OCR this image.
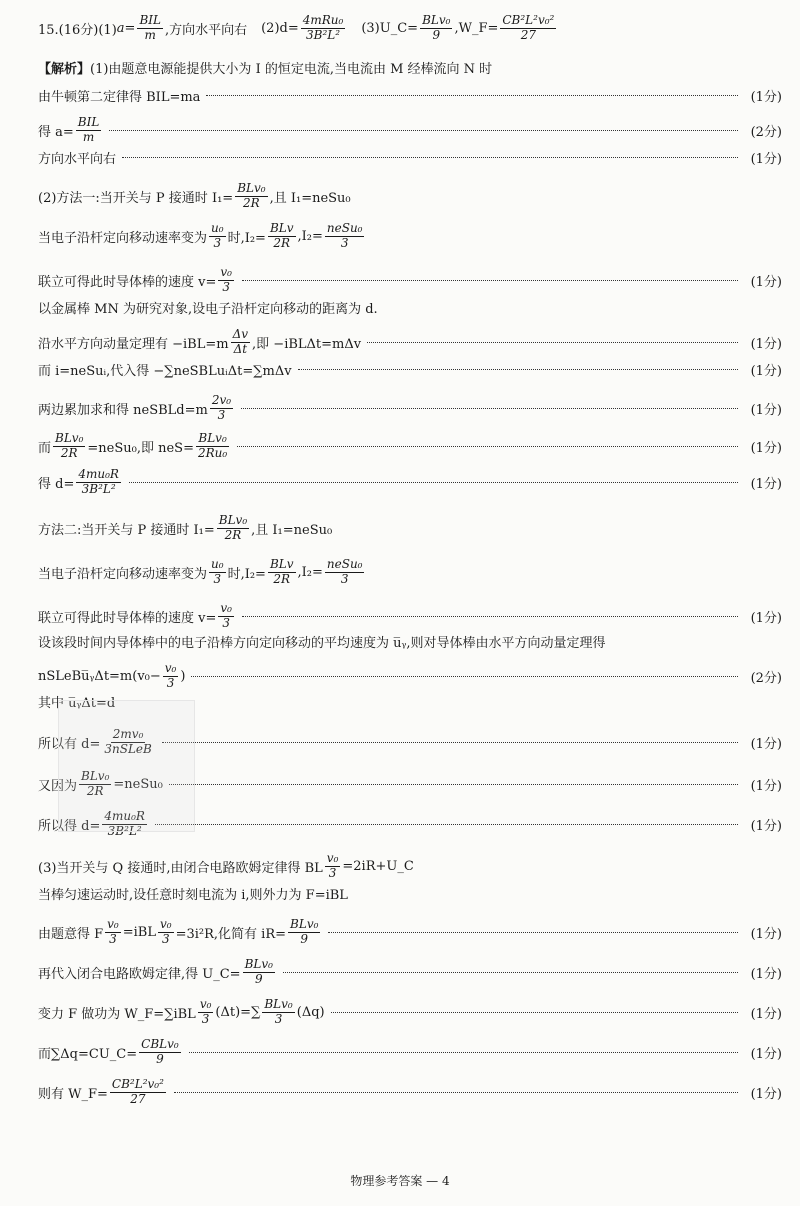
15.(16分)(1) $a= \frac{\text{BIL}}{m}$ ,方向水平向右 $(2)d= \frac{\text{4mRu₀}}{\text{3B²L²}}$ (3)U_C= $\frac{\text{BLv₀}}{9}$ ,W_F= $\frac{\text{CB²L²v₀²}}{27}$
【解析】 (1)由题意电源能提供大小为 I 的恒定电流,当电流由 M 经棒流向 N 时
由牛顿第二定律得 BIL=ma	(1分)
得 $a= \frac{\text{BIL}}{m}$	(2分)
方向水平向右	(1分)
(2)方法一:当开关与 P 接通时 $I_1= \frac{\text{BLv₀}}{2R}$ ,且 I₁=neSu₀
当电子沿杆定向移动速率变为 $\frac{\text{u₀}}{3}$ 时$,I_2= \frac{\text{BLv}}{2R} ,I_2= \frac{\text{neSu₀}}{3}$
联立可得此时导体棒的速度 $v= \frac{\text{v₀}}{3}$	(1分)
以金属棒 MN 为研究对象,设电子沿杆定向移动的距离为 d.
沿水平方向动量定理有 $-iBL=m \frac{\Delta v}{\Delta t}$ ,即 −iBLΔt=mΔv	(1分)
而 i=neSuᵢ,代入得 −∑neSBLuᵢΔt=∑mΔv	(1分)
两边累加求和得 neSBLd=m $\frac{\text{2v₀}}{3}$	(1分)
而 $\frac{\text{BLv₀}}{2R}$ =neSu₀,即 $neS= \frac{\text{BLv₀}}{\text{2Ru₀}}$	(1分)
得 $d= \frac{\text{4mu₀R}}{\text{3B²L²}}$	(1分)
方法二:当开关与 P 接通时 $I_1= \frac{\text{BLv₀}}{2R}$ ,且 I₁=neSu₀
当电子沿杆定向移动速率变为 $\frac{\text{u₀}}{3}$ 时$,I_2= \frac{\text{BLv}}{2R} ,I_2= \frac{\text{neSu₀}}{3}$
联立可得此时导体棒的速度 $v= \frac{\text{v₀}}{3}$	(1分)
设该段时间内导体棒中的电子沿棒方向定向移动的平均速度为 u̅ᵧ,则对导体棒由水平方向动量定理得
nSLeBu̅ᵧΔt=m(v₀− $\frac{\text{v₀}}{3}$ )	(2分)
其中 u̅ᵧΔt=d
所以有 $d= \frac{\text{2mv₀}}{\text{3nSLeB}}$	(1分)
又因为 $\frac{\text{BLv₀}}{2R}$ =neSu₀	(1分)
所以得 $d= \frac{\text{4mu₀R}}{\text{3B²L²}}$	(1分)
(3)当开关与 Q 接通时,由闭合电路欧姆定律得 BL $\frac{\text{v₀}}{3}$ =2iR+U_C
当棒匀速运动时,设任意时刻电流为 i,则外力为 F=iBL
由题意得 F $\frac{\text{v₀}}{3} =iBL \frac{\text{v₀}}{3} =3i^2R$,化简有 $iR= \frac{\text{BLv₀}}{9}$	(1分)
再代入闭合电路欧姆定律,得 U_C= $\frac{\text{BLv₀}}{9}$	(1分)
变力 F 做功为 W_F=∑iBL $\frac{\text{v₀}}{3} (\Delta t)=\sum \frac{\text{BLv₀}}{3} (\Delta q)$	(1分)
而∑Δq=CU_C= $\frac{\text{CBLv₀}}{9}$	(1分)
则有 W_F= $\frac{\text{CB²L²v₀²}}{27}$	(1分)
物理参考答案 — 4
